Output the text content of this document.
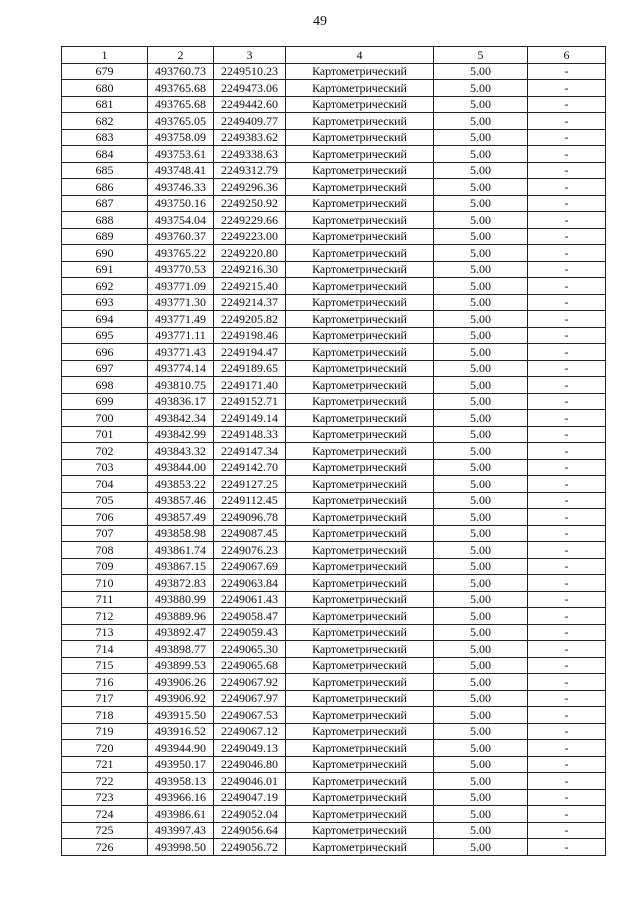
49
1	2	3	4	5	6
679	493760.73	2249510.23	Картометрический	5.00	-
680	493765.68	2249473.06	Картометрический	5.00	-
681	493765.68	2249442.60	Картометрический	5.00	-
682	493765.05	2249409.77	Картометрический	5.00	-
683	493758.09	2249383.62	Картометрический	5.00	-
684	493753.61	2249338.63	Картометрический	5.00	-
685	493748.41	2249312.79	Картометрический	5.00	-
686	493746.33	2249296.36	Картометрический	5.00	-
687	493750.16	2249250.92	Картометрический	5.00	-
688	493754.04	2249229.66	Картометрический	5.00	-
689	493760.37	2249223.00	Картометрический	5.00	-
690	493765.22	2249220.80	Картометрический	5.00	-
691	493770.53	2249216.30	Картометрический	5.00	-
692	493771.09	2249215.40	Картометрический	5.00	-
693	493771.30	2249214.37	Картометрический	5.00	-
694	493771.49	2249205.82	Картометрический	5.00	-
695	493771.11	2249198.46	Картометрический	5.00	-
696	493771.43	2249194.47	Картометрический	5.00	-
697	493774.14	2249189.65	Картометрический	5.00	-
698	493810.75	2249171.40	Картометрический	5.00	-
699	493836.17	2249152.71	Картометрический	5.00	-
700	493842.34	2249149.14	Картометрический	5.00	-
701	493842.99	2249148.33	Картометрический	5.00	-
702	493843.32	2249147.34	Картометрический	5.00	-
703	493844.00	2249142.70	Картометрический	5.00	-
704	493853.22	2249127.25	Картометрический	5.00	-
705	493857.46	2249112.45	Картометрический	5.00	-
706	493857.49	2249096.78	Картометрический	5.00	-
707	493858.98	2249087.45	Картометрический	5.00	-
708	493861.74	2249076.23	Картометрический	5.00	-
709	493867.15	2249067.69	Картометрический	5.00	-
710	493872.83	2249063.84	Картометрический	5.00	-
711	493880.99	2249061.43	Картометрический	5.00	-
712	493889.96	2249058.47	Картометрический	5.00	-
713	493892.47	2249059.43	Картометрический	5.00	-
714	493898.77	2249065.30	Картометрический	5.00	-
715	493899.53	2249065.68	Картометрический	5.00	-
716	493906.26	2249067.92	Картометрический	5.00	-
717	493906.92	2249067.97	Картометрический	5.00	-
718	493915.50	2249067.53	Картометрический	5.00	-
719	493916.52	2249067.12	Картометрический	5.00	-
720	493944.90	2249049.13	Картометрический	5.00	-
721	493950.17	2249046.80	Картометрический	5.00	-
722	493958.13	2249046.01	Картометрический	5.00	-
723	493966.16	2249047.19	Картометрический	5.00	-
724	493986.61	2249052.04	Картометрический	5.00	-
725	493997.43	2249056.64	Картометрический	5.00	-
726	493998.50	2249056.72	Картометрический	5.00	-
